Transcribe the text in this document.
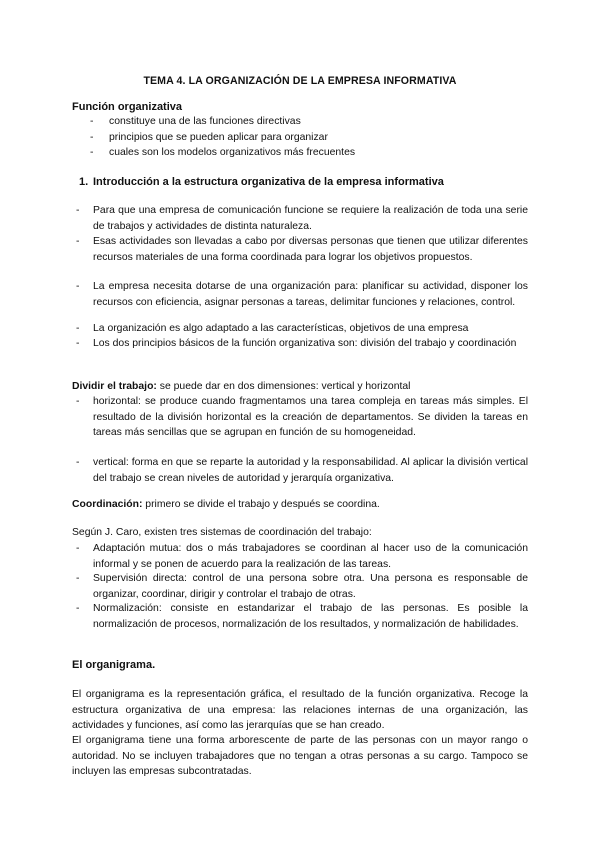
TEMA 4. LA ORGANIZACIÓN DE LA EMPRESA INFORMATIVA
Función organizativa
- constituye una de las funciones directivas
- principios que se pueden aplicar para organizar
- cuales son los modelos organizativos más frecuentes
1. Introducción a la estructura organizativa de la empresa informativa
- Para que una empresa de comunicación funcione se requiere la realización de toda una serie de trabajos y actividades de distinta naturaleza.
- Esas actividades son llevadas a cabo por diversas personas que tienen que utilizar diferentes recursos materiales de una forma coordinada para lograr los objetivos propuestos.
- La empresa necesita dotarse de una organización para: planificar su actividad, disponer los recursos con eficiencia, asignar personas a tareas, delimitar funciones y relaciones, control.
- La organización es algo adaptado a las características, objetivos de una empresa
- Los dos principios básicos de la función organizativa son: división del trabajo y coordinación
Dividir el trabajo: se puede dar en dos dimensiones: vertical y horizontal
- horizontal: se produce cuando fragmentamos una tarea compleja en tareas más simples. El resultado de la división horizontal es la creación de departamentos. Se dividen la tareas en tareas más sencillas que se agrupan en función de su homogeneidad.
- vertical: forma en que se reparte la autoridad y la responsabilidad. Al aplicar la división vertical del trabajo se crean niveles de autoridad y jerarquía organizativa.
Coordinación: primero se divide el trabajo y después se coordina.
Según J. Caro, existen tres sistemas de coordinación del trabajo:
- Adaptación mutua: dos o más trabajadores se coordinan al hacer uso de la comunicación informal y se ponen de acuerdo para la realización de las tareas.
- Supervisión directa: control de una persona sobre otra. Una persona es responsable de organizar, coordinar, dirigir y controlar el trabajo de otras.
- Normalización: consiste en estandarizar el trabajo de las personas. Es posible la normalización de procesos, normalización de los resultados, y normalización de habilidades.
El organigrama.
El organigrama es la representación gráfica, el resultado de la función organizativa. Recoge la estructura organizativa de una empresa: las relaciones internas de una organización, las actividades y funciones, así como las jerarquías que se han creado.
El organigrama tiene una forma arborescente de parte de las personas con un mayor rango o autoridad. No se incluyen trabajadores que no tengan a otras personas a su cargo. Tampoco se incluyen las empresas subcontratadas.
